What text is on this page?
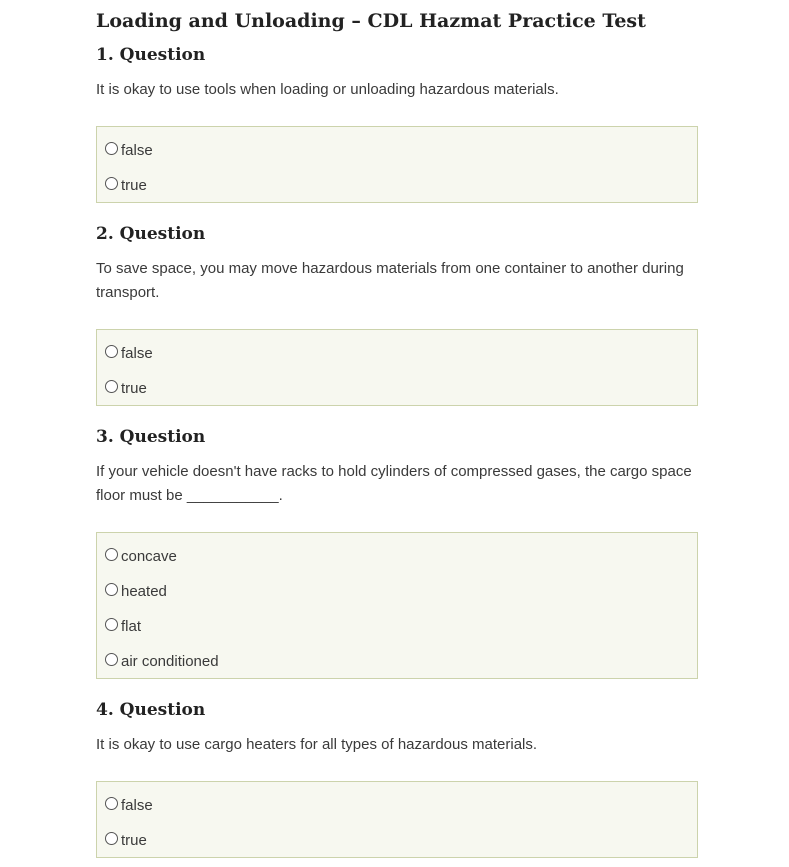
Loading and Unloading – CDL Hazmat Practice Test
1. Question

It is okay to use tools when loading or unloading hazardous materials.

false
true
2. Question

To save space, you may move hazardous materials from one container to another during transport.

false
true
3. Question

If your vehicle doesn't have racks to hold cylinders of compressed gases, the cargo space floor must be ___________.

concave
heated
flat
air conditioned
4. Question

It is okay to use cargo heaters for all types of hazardous materials.

false
true
